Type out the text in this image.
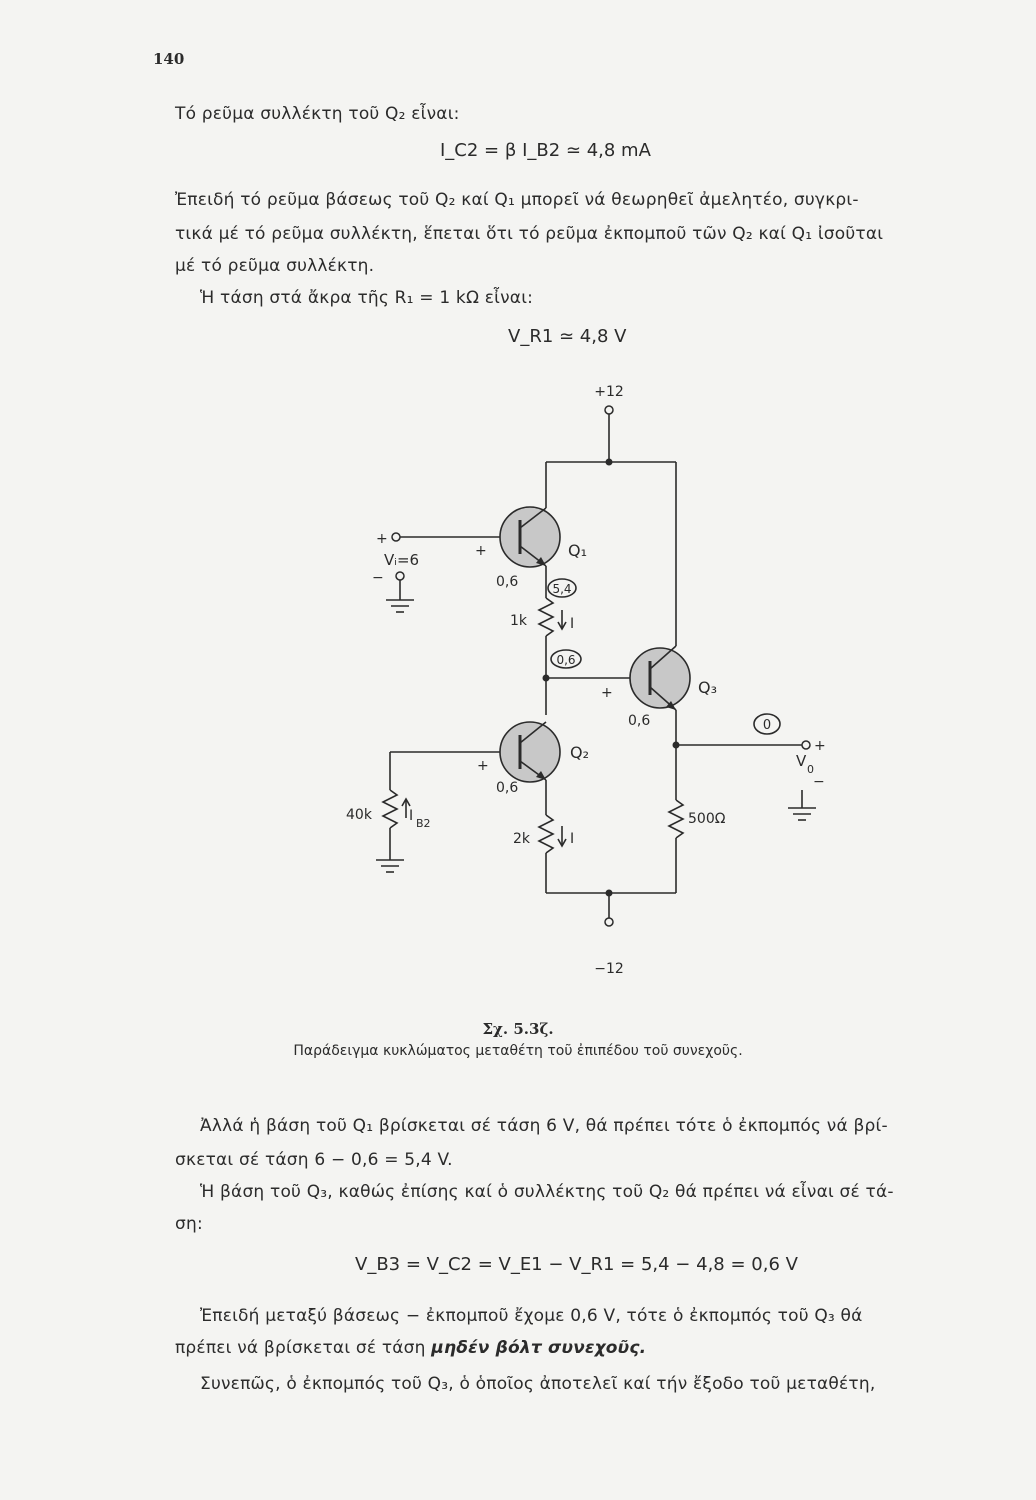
140
Τό ρεῦμα συλλέκτη τοῦ Q₂ εἶναι:
I_C2 = β I_B2 ≃ 4,8 mA
Ἐπειδή τό ρεῦμα βάσεως τοῦ Q₂ καί Q₁ μπορεῖ νά θεωρηθεῖ ἀμελητέο, συγκρι-
τικά μέ τό ρεῦμα συλλέκτη, ἕπεται ὅτι τό ρεῦμα ἐκπομποῦ τῶν Q₂ καί Q₁ ἰσοῦται
μέ τό ρεῦμα συλλέκτη.
Ἡ τάση στά ἄκρα τῆς R₁ = 1 kΩ εἶναι:
V_R1 ≃ 4,8 V
+12
−12
+
−
Vᵢ=6	Q₁
Q₂
Q₃
+
+
+
0,6
0,6
0,6
5,4
0,6
0
1k
2k
40k	500Ω
I
I
I B2
V 0
+
−
Σχ. 5.3ζ.
Παράδειγμα κυκλώματος μεταθέτη τοῦ ἐπιπέδου τοῦ συνεχοῦς.
Ἀλλά ἡ βάση τοῦ Q₁ βρίσκεται σέ τάση 6 V, θά πρέπει τότε ὁ ἐκπομπός νά βρί-
σκεται σέ τάση 6 − 0,6 = 5,4 V.
Ἡ βάση τοῦ Q₃, καθώς ἐπίσης καί ὁ συλλέκτης τοῦ Q₂ θά πρέπει νά εἶναι σέ τά-
ση:
V_B3 = V_C2 = V_E1 − V_R1 = 5,4 − 4,8 = 0,6 V
Ἐπειδή μεταξύ βάσεως − ἐκπομποῦ ἔχομε 0,6 V, τότε ὁ ἐκπομπός τοῦ Q₃ θά
πρέπει νά βρίσκεται σέ τάση μηδέν βόλτ συνεχοῦς.
Συνεπῶς, ὁ ἐκπομπός τοῦ Q₃, ὁ ὁποῖος ἀποτελεῖ καί τήν ἔξοδο τοῦ μεταθέτη,
